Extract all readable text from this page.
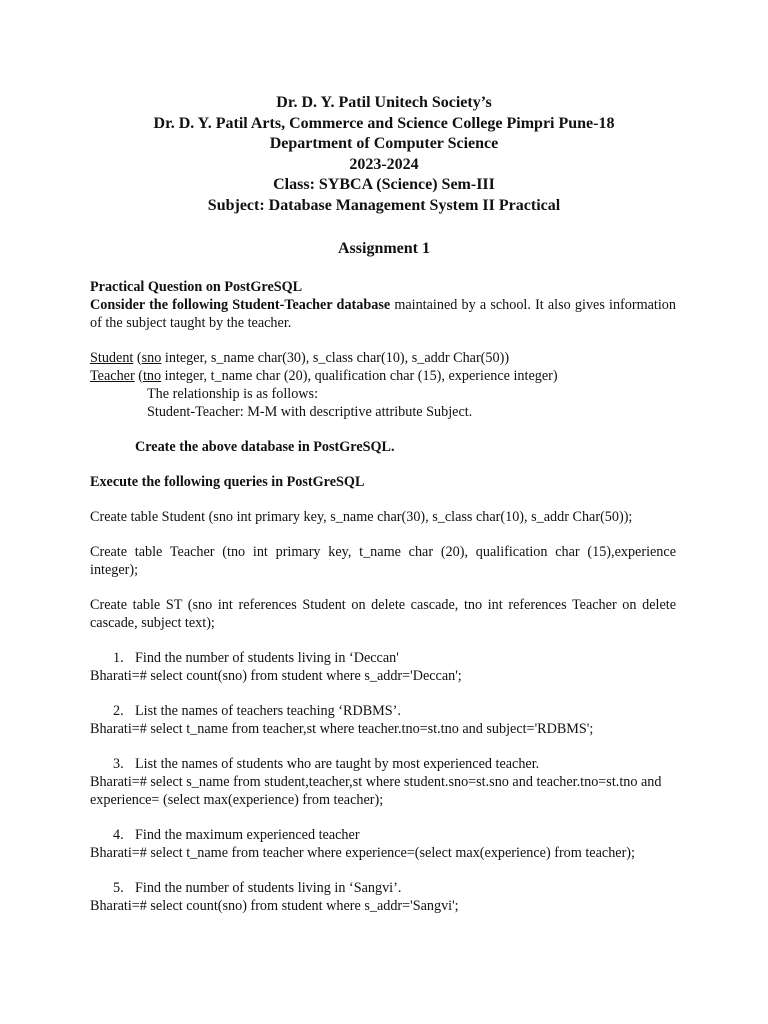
Dr. D. Y. Patil Unitech Society’s
Dr. D. Y. Patil Arts, Commerce and Science College Pimpri Pune-18
Department of Computer Science
2023-2024
Class: SYBCA (Science) Sem-III
Subject: Database Management System II Practical
Assignment 1

Practical Question on PostGreSQL

Consider the following Student-Teacher database maintained by a school. It also gives information of the subject taught by the teacher.

Student (sno integer, s_name char(30), s_class char(10), s_addr Char(50))

Teacher (tno integer, t_name char (20), qualification char (15), experience integer)

The relationship is as follows:

Student-Teacher: M-M with descriptive attribute Subject.

Create the above database in PostGreSQL.

Execute the following queries in PostGreSQL

Create table Student (sno int primary key, s_name char(30), s_class char(10), s_addr Char(50));

Create table Teacher (tno int primary key, t_name char (20), qualification char (15),experience integer);

Create table ST (sno int references Student on delete cascade, tno int references Teacher on delete cascade, subject text);

1. Find the number of students living in ‘Deccan'

Bharati=# select count(sno) from student where s_addr='Deccan';

2. List the names of teachers teaching ‘RDBMS’.

Bharati=# select t_name from teacher,st where teacher.tno=st.tno and subject='RDBMS';

3. List the names of students who are taught by most experienced teacher.

Bharati=# select s_name from student,teacher,st where student.sno=st.sno and teacher.tno=st.tno and experience= (select max(experience) from teacher);

4. Find the maximum experienced teacher

Bharati=# select t_name from teacher where experience=(select max(experience) from teacher);

5. Find the number of students living in ‘Sangvi’.

Bharati=# select count(sno) from student where s_addr='Sangvi';
